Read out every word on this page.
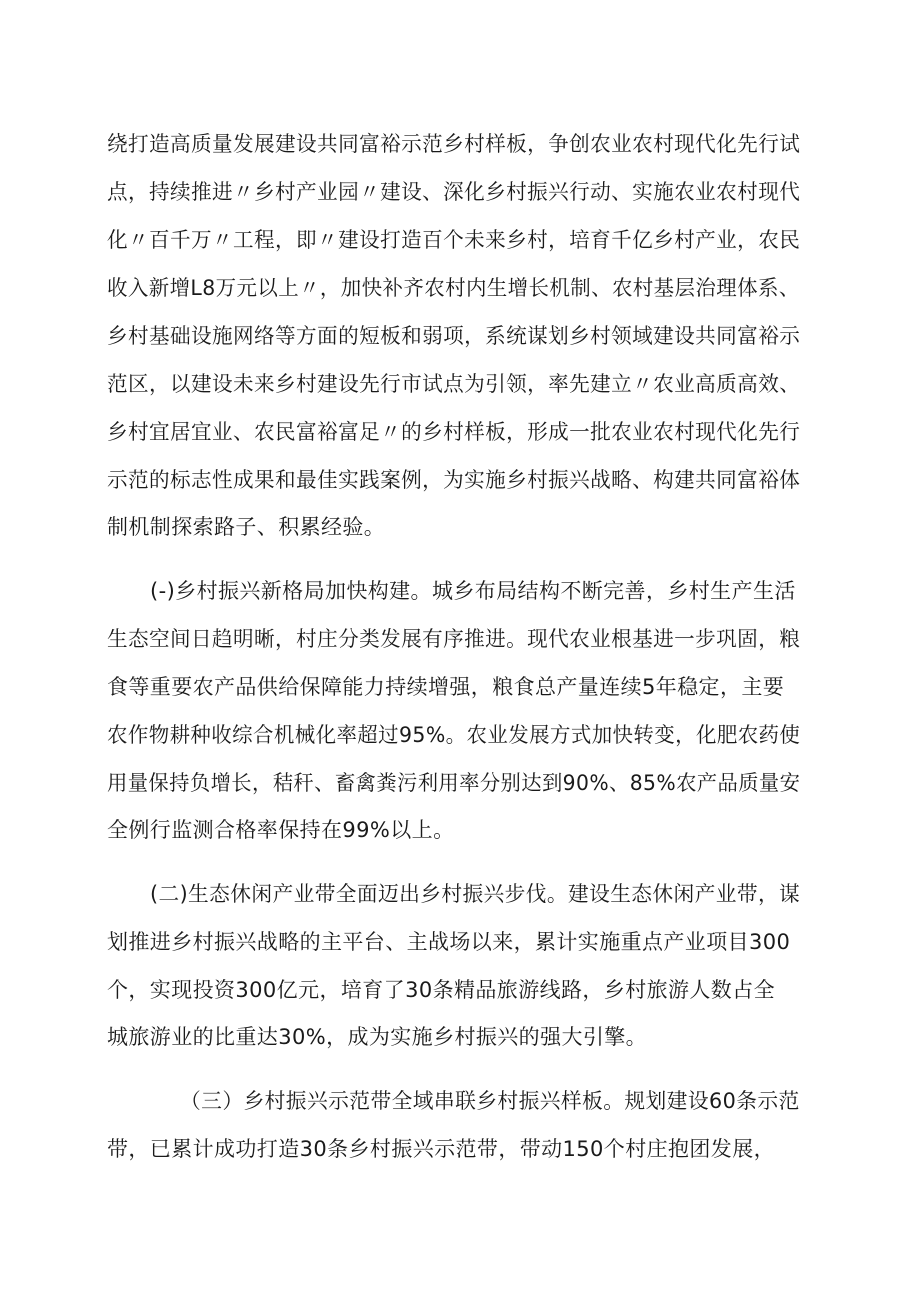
绕打造高质量发展建设共同富裕示范乡村样板，争创农业农村现代化先行试
点，持续推进〃乡村产业园〃建设、深化乡村振兴行动、实施农业农村现代
化〃百千万〃工程，即〃建设打造百个未来乡村，培育千亿乡村产业，农民
收入新增L8万元以上〃，加快补齐农村内生增长机制、农村基层治理体系、
乡村基础设施网络等方面的短板和弱项，系统谋划乡村领域建设共同富裕示
范区，以建设未来乡村建设先行市试点为引领，率先建立〃农业高质高效、
乡村宜居宜业、农民富裕富足〃的乡村样板，形成一批农业农村现代化先行
示范的标志性成果和最佳实践案例，为实施乡村振兴战略、构建共同富裕体
制机制探索路子、积累经验。
(-)乡村振兴新格局加快构建。城乡布局结构不断完善，乡村生产生活
生态空间日趋明晰，村庄分类发展有序推进。现代农业根基进一步巩固，粮
食等重要农产品供给保障能力持续增强，粮食总产量连续5年稳定，主要
农作物耕种收综合机械化率超过95%。农业发展方式加快转变，化肥农药使
用量保持负增长，秸秆、畜禽粪污利用率分别达到90%、85%农产品质量安
全例行监测合格率保持在99%以上。
(二)生态休闲产业带全面迈出乡村振兴步伐。建设生态休闲产业带，谋
划推进乡村振兴战略的主平台、主战场以来，累计实施重点产业项目300
个，实现投资300亿元，培育了30条精品旅游线路，乡村旅游人数占全
城旅游业的比重达30%，成为实施乡村振兴的强大引擎。
（三）乡村振兴示范带全域串联乡村振兴样板。规划建设60条示范
带，已累计成功打造30条乡村振兴示范带，带动150个村庄抱团发展，
